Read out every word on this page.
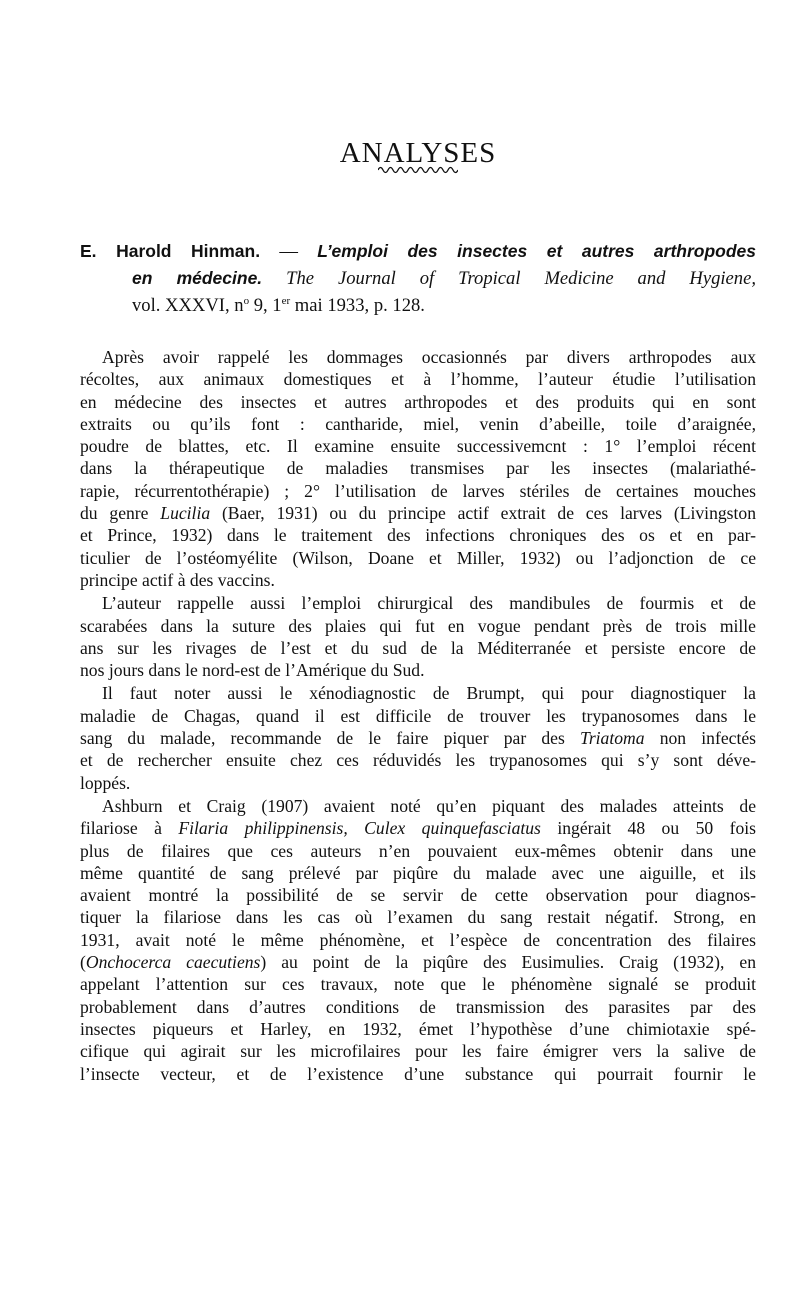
ANALYSES
E. Harold Hinman. — L’emploi des insectes et autres arthropodes
en médecine. The Journal of Tropical Medicine and Hygiene,
vol. XXXVI, $n^o$ 9, 1er mai 1933, p. 128.
Après avoir rappelé les dommages occasionnés par divers arthropodes aux
récoltes, aux animaux domestiques et à l’homme, l’auteur étudie l’utilisation
en médecine des insectes et autres arthropodes et des produits qui en sont
extraits ou qu’ils font : cantharide, miel, venin d’abeille, toile d’araignée,
poudre de blattes, etc. Il examine ensuite successivemcnt : 1° l’emploi récent
dans la thérapeutique de maladies transmises par les insectes (malariathé-
rapie, récurrentothérapie) ; 2° l’utilisation de larves stériles de certaines mouches
du genre Lucilia (Baer, 1931) ou du principe actif extrait de ces larves (Livingston
et Prince, 1932) dans le traitement des infections chroniques des os et en par-
ticulier de l’ostéomyélite (Wilson, Doane et Miller, 1932) ou l’adjonction de ce
principe actif à des vaccins.
L’auteur rappelle aussi l’emploi chirurgical des mandibules de fourmis et de
scarabées dans la suture des plaies qui fut en vogue pendant près de trois mille
ans sur les rivages de l’est et du sud de la Méditerranée et persiste encore de
nos jours dans le nord-est de l’Amérique du Sud.
Il faut noter aussi le xénodiagnostic de Brumpt, qui pour diagnostiquer la
maladie de Chagas, quand il est difficile de trouver les trypanosomes dans le
sang du malade, recommande de le faire piquer par des Triatoma non infectés
et de rechercher ensuite chez ces réduvidés les trypanosomes qui s’y sont déve-
loppés.
Ashburn et Craig (1907) avaient noté qu’en piquant des malades atteints de
filariose à Filaria philippinensis, Culex quinquefasciatus ingérait 48 ou 50 fois
plus de filaires que ces auteurs n’en pouvaient eux-mêmes obtenir dans une
même quantité de sang prélevé par piqûre du malade avec une aiguille, et ils
avaient montré la possibilité de se servir de cette observation pour diagnos-
tiquer la filariose dans les cas où l’examen du sang restait négatif. Strong, en
1931, avait noté le même phénomène, et l’espèce de concentration des filaires
(Onchocerca caecutiens) au point de la piqûre des Eusimulies. Craig (1932), en
appelant l’attention sur ces travaux, note que le phénomène signalé se produit
probablement dans d’autres conditions de transmission des parasites par des
insectes piqueurs et Harley, en 1932, émet l’hypothèse d’une chimiotaxie spé-
cifique qui agirait sur les microfilaires pour les faire émigrer vers la salive de
l’insecte vecteur, et de l’existence d’une substance qui pourrait fournir le
